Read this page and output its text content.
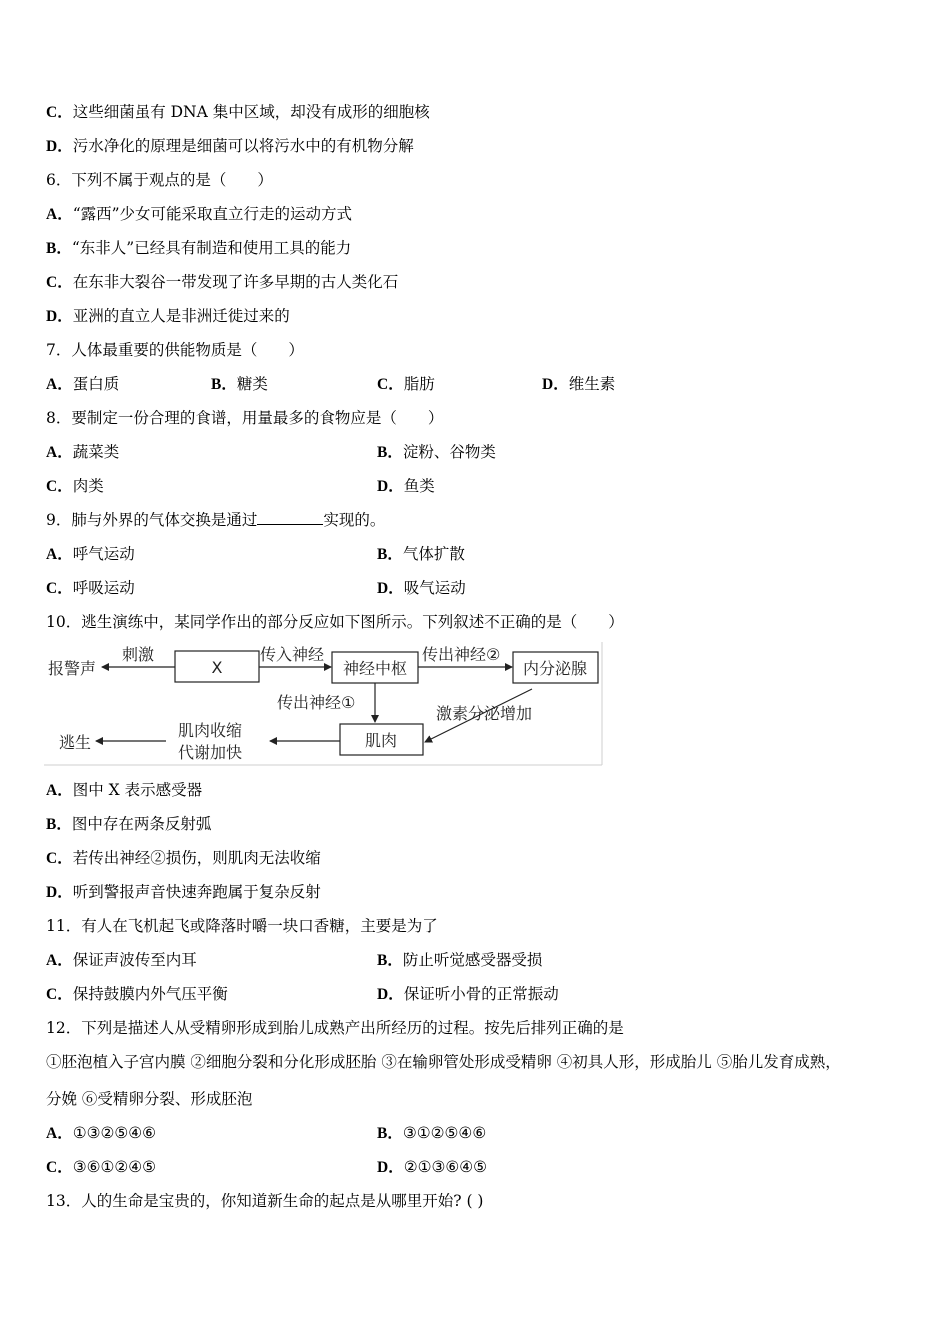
C．这些细菌虽有 DNA 集中区域，却没有成形的细胞核
D．污水净化的原理是细菌可以将污水中的有机物分解
6．下列不属于观点的是（　　）
A．“露西”少女可能采取直立行走的运动方式
B．“东非人”已经具有制造和使用工具的能力
C．在东非大裂谷一带发现了许多早期的古人类化石
D．亚洲的直立人是非洲迁徙过来的
7．人体最重要的供能物质是（　　）
A．蛋白质	B．糖类	C．脂肪	D．维生素
8．要制定一份合理的食谱，用量最多的食物应是（　　）
A．蔬菜类	B．淀粉、谷物类
C．肉类	D．鱼类
9．肺与外界的气体交换是通过	实现的。
A．呼气运动	B．气体扩散
C．呼吸运动	D．吸气运动
10．逃生演练中，某同学作出的部分反应如下图所示。下列叙述不正确的是（　　）
报警声
刺激
X
传入神经
神经中枢
传出神经②
内分泌腺
传出神经①
激素分泌增加
肌肉
肌肉收缩
代谢加快
逃生
A．图中 X 表示感受器
B．图中存在两条反射弧
C．若传出神经②损伤，则肌肉无法收缩
D．听到警报声音快速奔跑属于复杂反射
11．有人在飞机起飞或降落时嚼一块口香糖，主要是为了
A．保证声波传至内耳	B．防止听觉感受器受损
C．保持鼓膜内外气压平衡	D．保证听小骨的正常振动
12．下列是描述人从受精卵形成到胎儿成熟产出所经历的过程。按先后排列正确的是
①胚泡植入子宫内膜 ②细胞分裂和分化形成胚胎 ③在输卵管处形成受精卵 ④初具人形，形成胎儿 ⑤胎儿发育成熟，
分娩 ⑥受精卵分裂、形成胚泡
A．①③②⑤④⑥	B．③①②⑤④⑥
C．③⑥①②④⑤	D．②①③⑥④⑤
13．人的生命是宝贵的，你知道新生命的起点是从哪里开始? ( )
